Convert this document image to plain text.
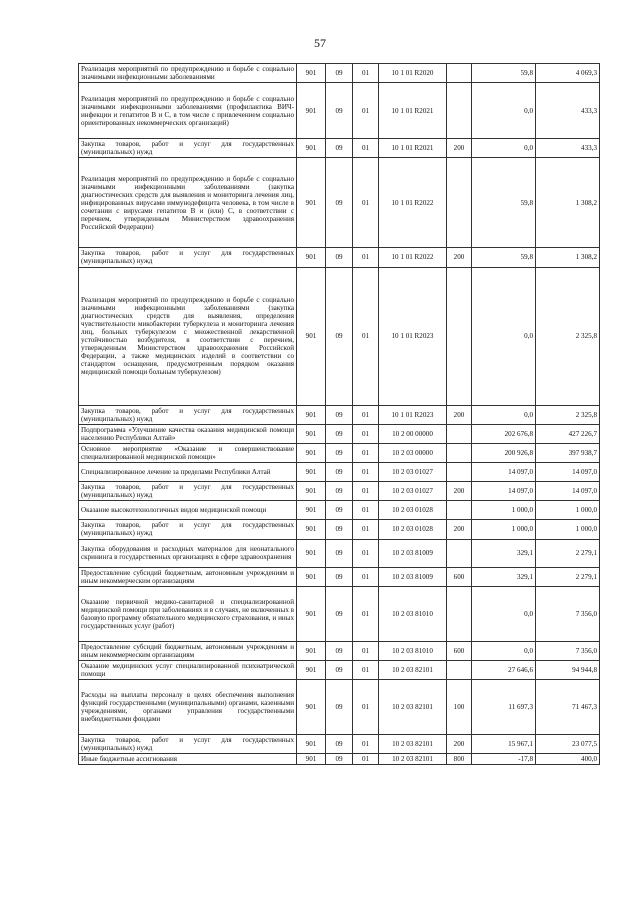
57
Реализация мероприятий по предупреждению и борьбе с социально значимыми инфекционными заболеваниями	901	09	01	10 1 01 R2020		59,8	4 069,3
Реализация мероприятий по предупреждению и борьбе с социально значимыми инфекционными заболеваниями (профилактика ВИЧ-инфекции и гепатитов В и С, в том числе с привлечением социально ориентированных некоммерческих организаций)	901	09	01	10 1 01 R2021		0,0	433,3
Закупка товаров, работ и услуг для государственных (муниципальных) нужд	901	09	01	10 1 01 R2021	200	0,0	433,3
Реализация мероприятий по предупреждению и борьбе с социально значимыми инфекционными заболеваниями (закупка диагностических средств для выявления и мониторинга лечения лиц, инфицированных вирусами иммунодефицита человека, в том числе в сочетании с вирусами гепатитов В и (или) С, в соответствии с перечнем, утвержденным Министерством здравоохранения Российской Федерации)	901	09	01	10 1 01 R2022		59,8	1 308,2
Закупка товаров, работ и услуг для государственных (муниципальных) нужд	901	09	01	10 1 01 R2022	200	59,8	1 308,2
Реализация мероприятий по предупреждению и борьбе с социально значимыми инфекционными заболеваниями (закупка диагностических средств для выявления, определения чувствительности микобактерии туберкулеза и мониторинга лечения лиц, больных туберкулезом с множественной лекарственной устойчивостью возбудителя, в соответствии с перечнем, утвержденным Министерством здравоохранения Российской Федерации, а также медицинских изделий в соответствии со стандартом оснащения, предусмотренным порядком оказания медицинской помощи больным туберкулезом)	901	09	01	10 1 01 R2023		0,0	2 325,8
Закупка товаров, работ и услуг для государственных (муниципальных) нужд	901	09	01	10 1 01 R2023	200	0,0	2 325,8
Подпрограмма «Улучшение качества оказания медицинской помощи населению Республики Алтай»	901	09	01	10 2 00 00000		202 676,8	427 226,7
Основное мероприятие «Оказание и совершенствование специализированной медицинской помощи»	901	09	01	10 2 03 00000		200 926,8	397 938,7
Специализированное лечение за пределами Республики Алтай	901	09	01	10 2 03 01027		14 097,0	14 097,0
Закупка товаров, работ и услуг для государственных (муниципальных) нужд	901	09	01	10 2 03 01027	200	14 097,0	14 097,0
Оказание высокотехнологичных видов медицинской помощи	901	09	01	10 2 03 01028		1 000,0	1 000,0
Закупка товаров, работ и услуг для государственных (муниципальных) нужд	901	09	01	10 2 03 01028	200	1 000,0	1 000,0
Закупка оборудования и расходных материалов для неонатального скрининга в государственных организациях в сфере здравоохранения	901	09	01	10 2 03 81009		329,1	2 279,1
Предоставление субсидий бюджетным, автономным учреждениям и иным некоммерческим организациям	901	09	01	10 2 03 81009	600	329,1	2 279,1
Оказание первичной медико-санитарной и специализированной медицинской помощи при заболеваниях и в случаях, не включенных в базовую программу обязательного медицинского страхования, и иных государственных услуг (работ)	901	09	01	10 2 03 81010		0,0	7 356,0
Предоставление субсидий бюджетным, автономным учреждениям и иным некоммерческим организациям	901	09	01	10 2 03 81010	600	0,0	7 356,0
Оказание медицинских услуг специализированной психиатрической помощи	901	09	01	10 2 03 82101		27 646,6	94 944,8
Расходы на выплаты персоналу в целях обеспечения выполнения функций государственными (муниципальными) органами, казенными учреждениями, органами управления государственными внебюджетными фондами	901	09	01	10 2 03 82101	100	11 697,3	71 467,3
Закупка товаров, работ и услуг для государственных (муниципальных) нужд	901	09	01	10 2 03 82101	200	15 967,1	23 077,5
Иные бюджетные ассигнования	901	09	01	10 2 03 82101	800	-17,8	400,0
